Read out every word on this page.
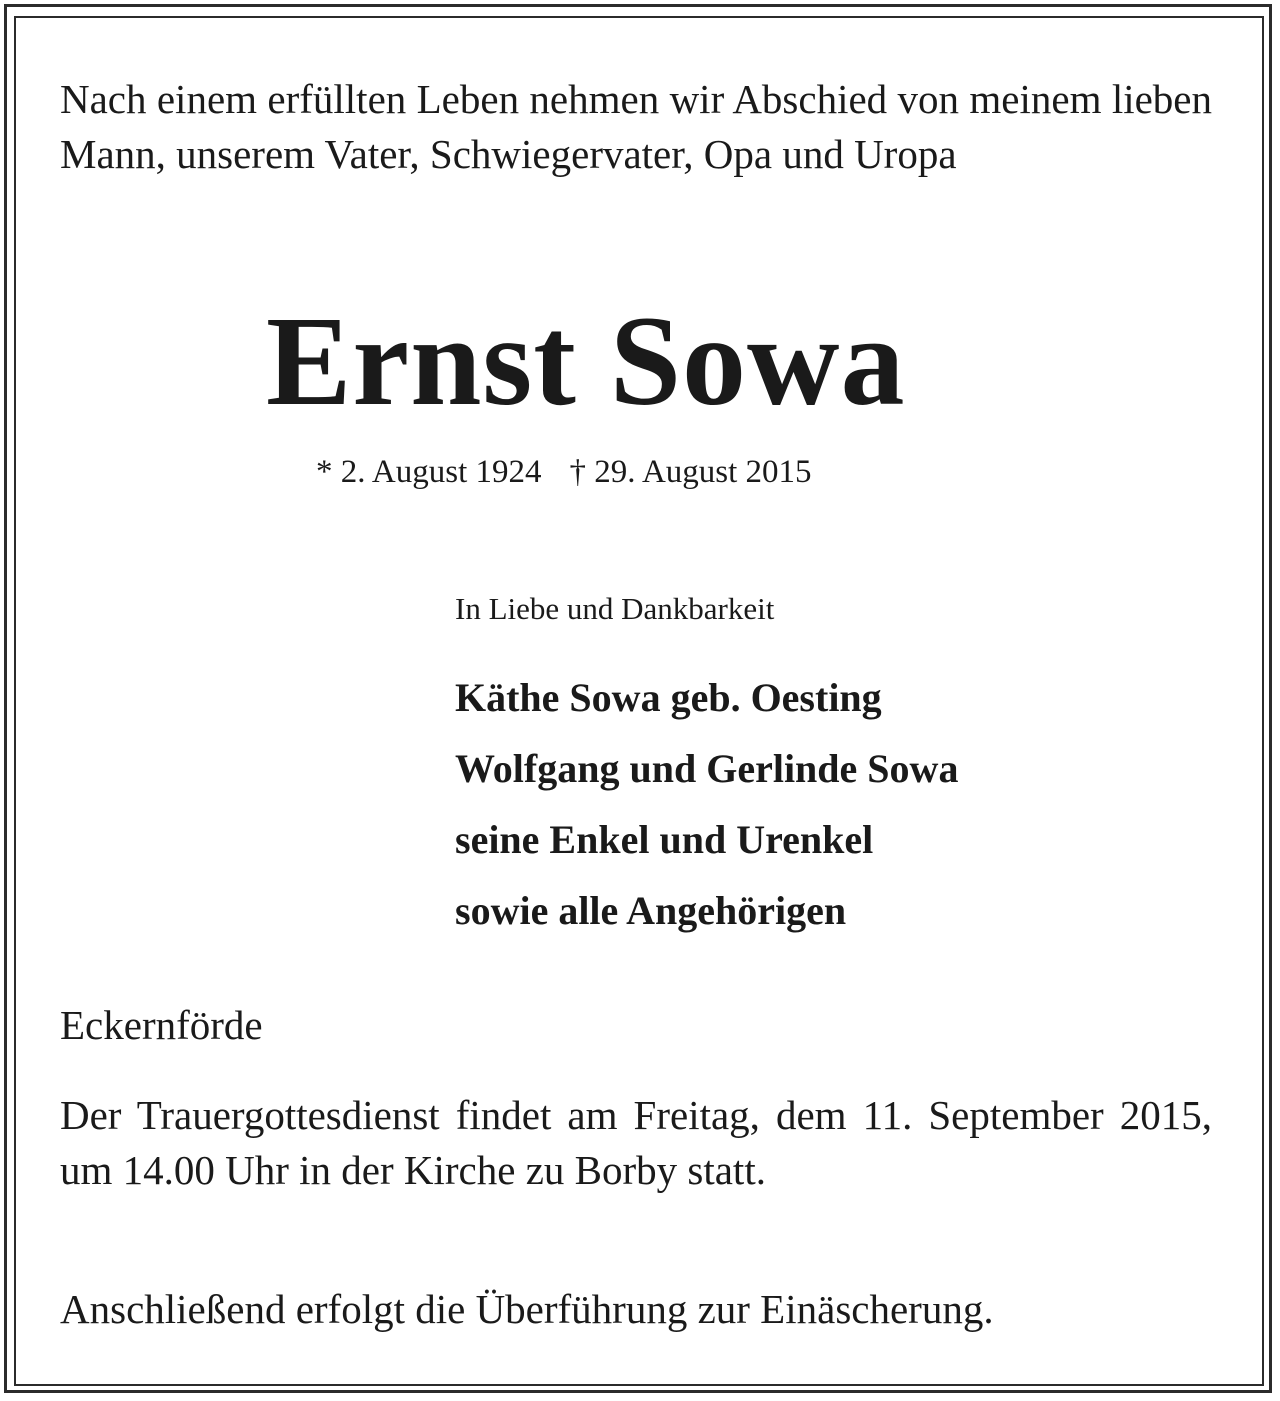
Nach einem erfüllten Leben nehmen wir Abschied von meinem lieben Mann, unserem Vater, Schwiegervater, Opa und Uropa

Ernst Sowa
* 2. August 1924 † 29. August 2015
In Liebe und Dankbarkeit
Käthe Sowa geb. Oesting
Wolfgang und Gerlinde Sowa
seine Enkel und Urenkel
sowie alle Angehörigen
Eckernförde

Der Trauergottesdienst findet am Freitag, dem 11. September 2015, um 14.00 Uhr in der Kirche zu Borby statt.

Anschließend erfolgt die Überführung zur Einäscherung.
